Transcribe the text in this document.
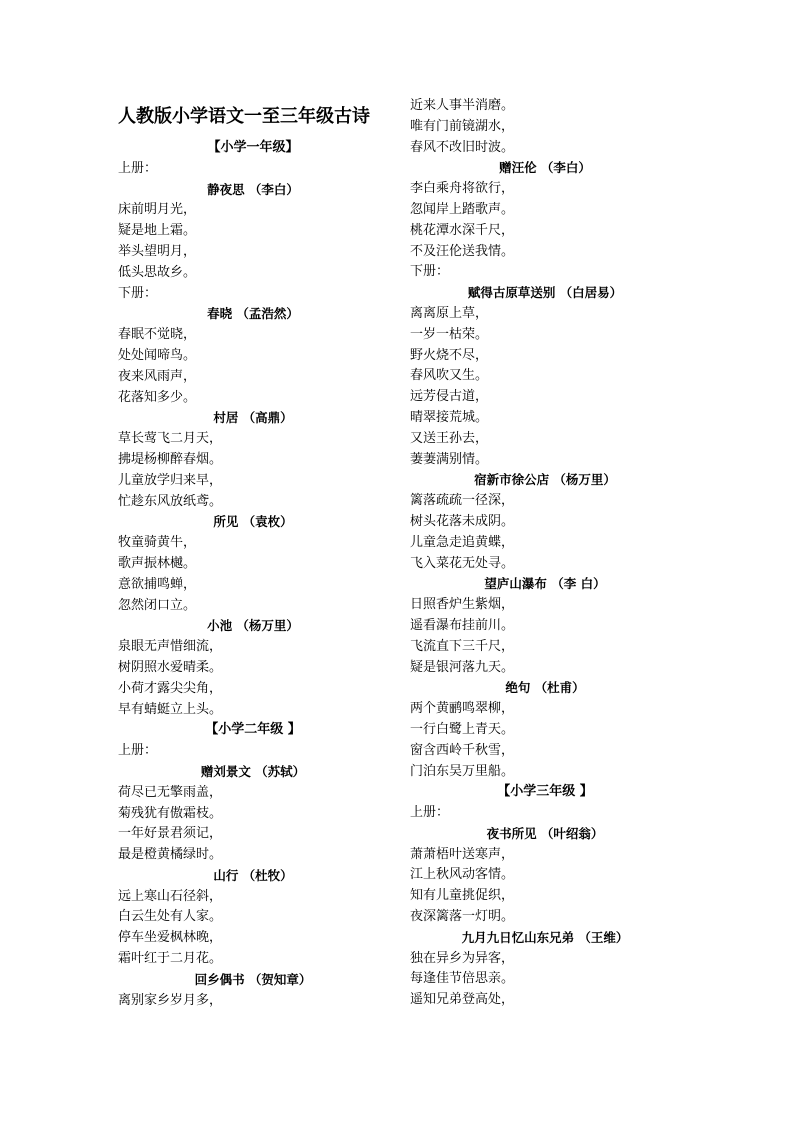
人教版小学语文一至三年级古诗
【小学一年级】
上册：
静夜思 （李白）
床前明月光，
疑是地上霜。
举头望明月，
低头思故乡。
下册：
春晓 （孟浩然）
春眠不觉晓，
处处闻啼鸟。
夜来风雨声，
花落知多少。
村居 （高鼎）
草长莺飞二月天，
拂堤杨柳醉春烟。
儿童放学归来早，
忙趁东风放纸鸢。
所见 （袁枚）
牧童骑黄牛，
歌声振林樾。
意欲捕鸣蝉，
忽然闭口立。
小池 （杨万里）
泉眼无声惜细流，
树阴照水爱晴柔。
小荷才露尖尖角，
早有蜻蜓立上头。
【小学二年级 】
上册：
赠刘景文 （苏轼）
荷尽已无擎雨盖，
菊残犹有傲霜枝。
一年好景君须记，
最是橙黄橘绿时。
山行 （杜牧）
远上寒山石径斜，
白云生处有人家。
停车坐爱枫林晚，
霜叶红于二月花。
回乡偶书 （贺知章）
离别家乡岁月多，
近来人事半消磨。
唯有门前镜湖水，
春风不改旧时波。
赠汪伦 （李白）
李白乘舟将欲行，
忽闻岸上踏歌声。
桃花潭水深千尺，
不及汪伦送我情。
下册：
赋得古原草送别 （白居易）
离离原上草，
一岁一枯荣。
野火烧不尽，
春风吹又生。
远芳侵古道，
晴翠接荒城。
又送王孙去，
萋萋满别情。
宿新市徐公店 （杨万里）
篱落疏疏一径深，
树头花落未成阴。
儿童急走追黄蝶，
飞入菜花无处寻。
望庐山瀑布 （李 白）
日照香炉生紫烟，
遥看瀑布挂前川。
飞流直下三千尺，
疑是银河落九天。
绝句 （杜甫）
两个黄鹂鸣翠柳，
一行白鹭上青天。
窗含西岭千秋雪，
门泊东吴万里船。
【小学三年级 】
上册：
夜书所见 （叶绍翁）
萧萧梧叶送寒声，
江上秋风动客情。
知有儿童挑促织，
夜深篱落一灯明。
九月九日忆山东兄弟 （王维）
独在异乡为异客，
每逢佳节倍思亲。
遥知兄弟登高处，
